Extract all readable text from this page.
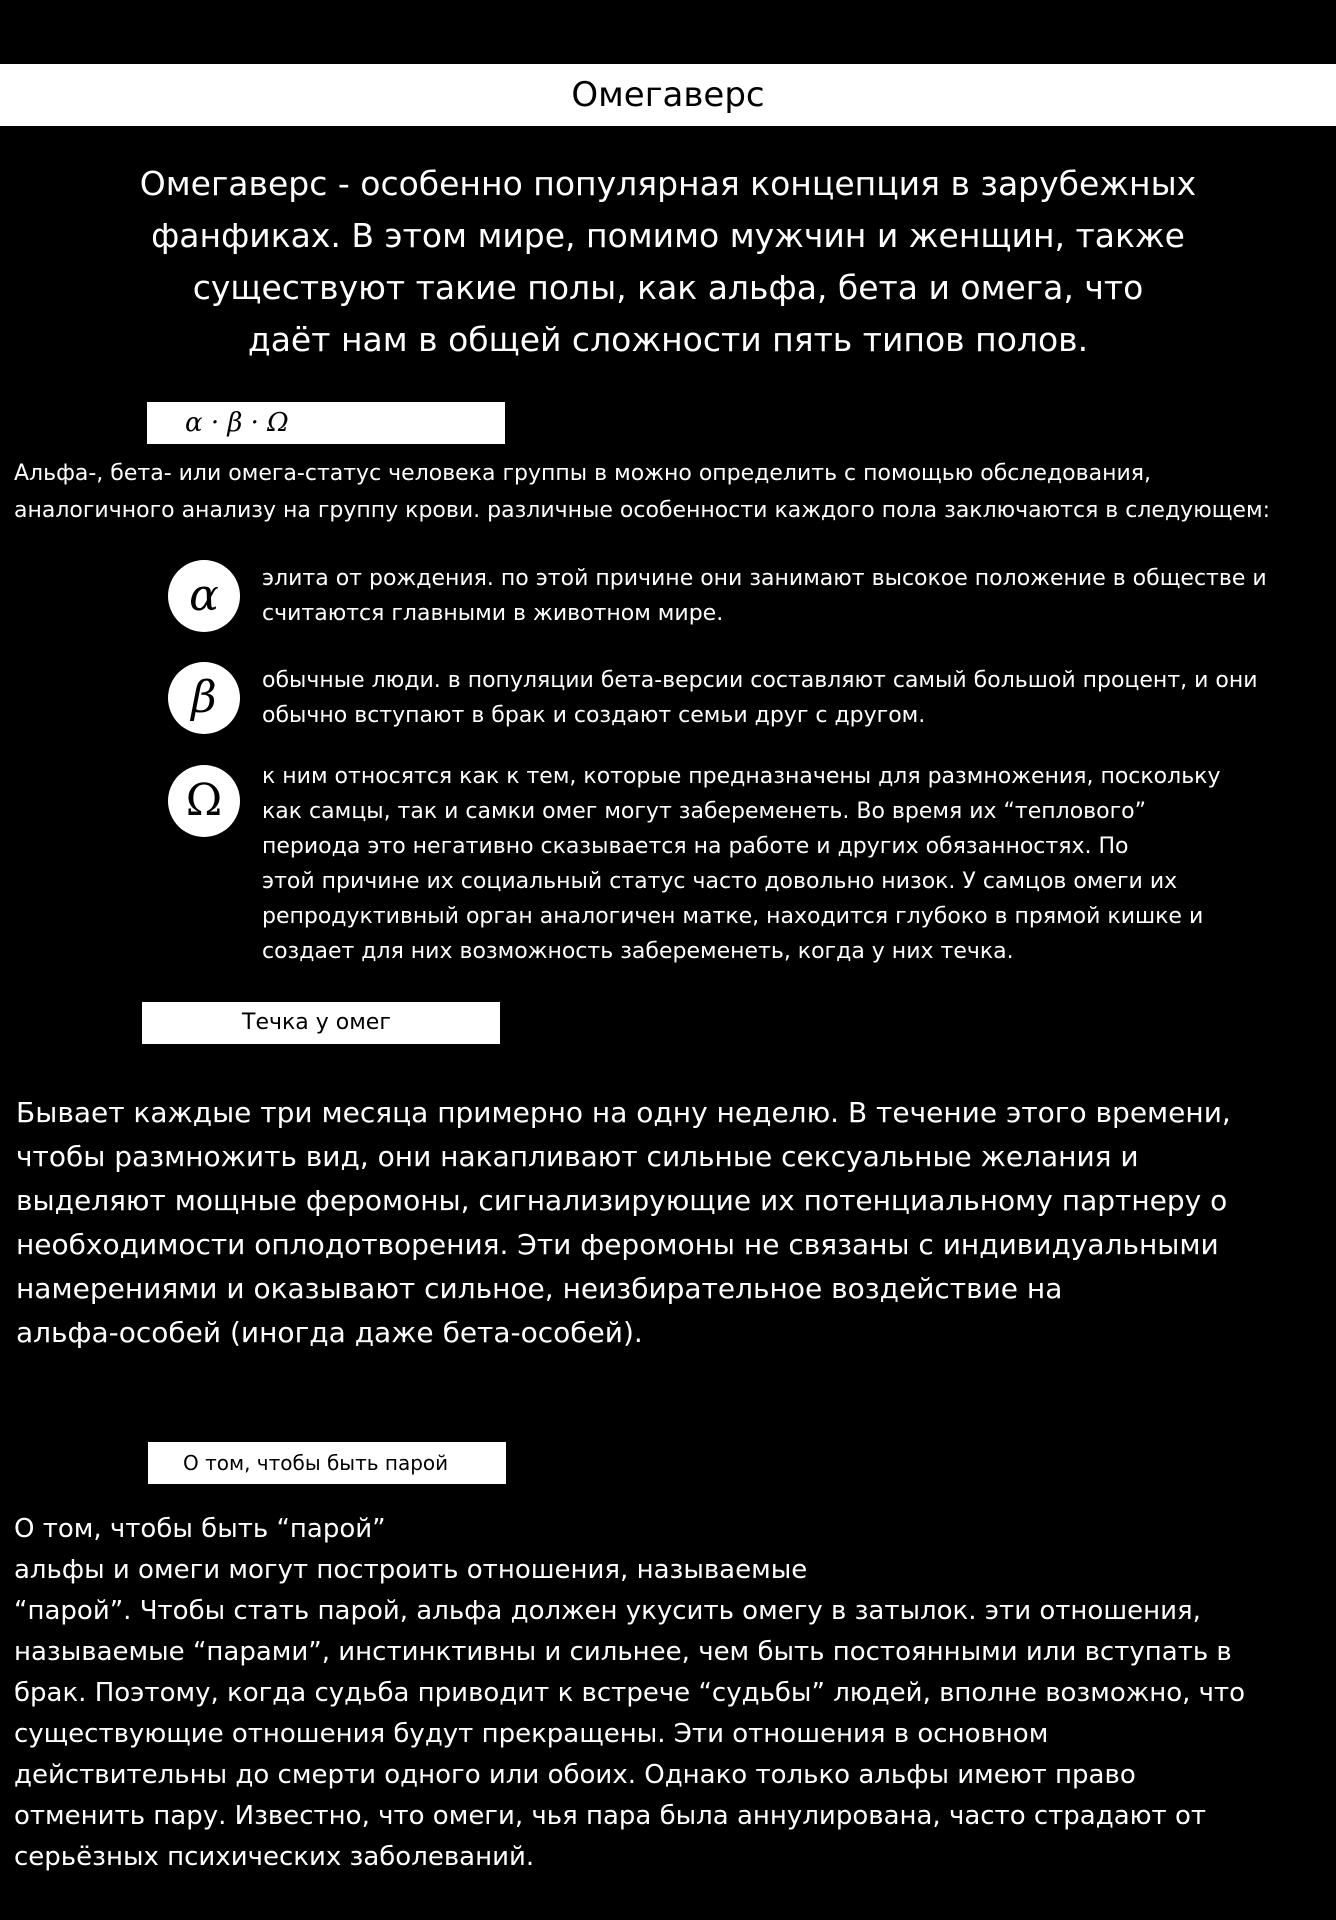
Омегаверс
Омегаверс - особенно популярная концепция в зарубежных
фанфиках. В этом мире, помимо мужчин и женщин, также
существуют такие полы, как альфа, бета и омега, что
даёт нам в общей сложности пять типов полов.
α · β · Ω
Альфа-, бета- или омега-статус человека группы в можно определить с помощью обследования,
аналогичного анализу на группу крови. различные особенности каждого пола заключаются в следующем:
α	элита от рождения. по этой причине они занимают высокое положение в обществе и
считаются главными в животном мире.
β	обычные люди. в популяции бета-версии составляют самый большой процент, и они
обычно вступают в брак и создают семьи друг с другом.
Ω	к ним относятся как к тем, которые предназначены для размножения, поскольку
как самцы, так и самки омег могут забеременеть. Во время их “теплового”
периода это негативно сказывается на работе и других обязанностях. По
этой причине их социальный статус часто довольно низок. У самцов омеги их
репродуктивный орган аналогичен матке, находится глубоко в прямой кишке и
создает для них возможность забеременеть, когда у них течка.
Течка у омег
Бывает каждые три месяца примерно на одну неделю. В течение этого времени,
чтобы размножить вид, они накапливают сильные сексуальные желания и
выделяют мощные феромоны, сигнализирующие их потенциальному партнеру о
необходимости оплодотворения. Эти феромоны не связаны с индивидуальными
намерениями и оказывают сильное, неизбирательное воздействие на
альфа-особей (иногда даже бета-особей).
О том, чтобы быть парой
О том, чтобы быть “парой”
альфы и омеги могут построить отношения, называемые
“парой”. Чтобы стать парой, альфа должен укусить омегу в затылок. эти отношения,
называемые “парами”, инстинктивны и сильнее, чем быть постоянными или вступать в
брак. Поэтому, когда судьба приводит к встрече “судьбы” людей, вполне возможно, что
существующие отношения будут прекращены. Эти отношения в основном
действительны до смерти одного или обоих. Однако только альфы имеют право
отменить пару. Известно, что омеги, чья пара была аннулирована, часто страдают от
серьёзных психических заболеваний.
